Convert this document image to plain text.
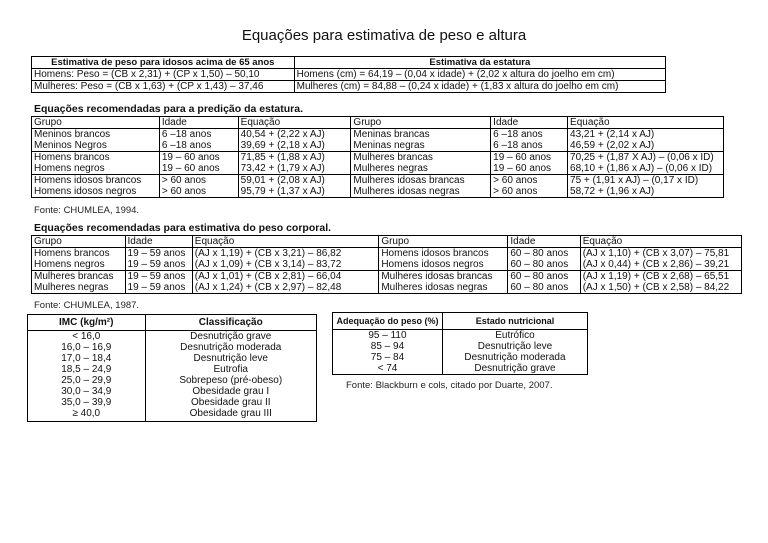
Equações para estimativa de peso e altura
Estimativa de peso para idosos acima de 65 anos	Estimativa da estatura
Homens: Peso = (CB x 2,31) + (CP x 1,50) – 50,10	Homens (cm) = 64,19 – (0,04 x idade) + (2,02 x altura do joelho em cm)
Mulheres: Peso = (CB x 1,63) + (CP x 1,43) – 37,46	Mulheres (cm) = 84,88 – (0,24 x idade) + (1,83 x altura do joelho em cm)
Equações recomendadas para a predição da estatura.
Grupo	Idade	Equação	Grupo	Idade	Equação
Meninos brancos	6 –18 anos	40,54 + (2,22 x AJ)	Meninas brancas	6 –18 anos	43,21 + (2,14 x AJ)
Meninos Negros	6 –18 anos	39,69 + (2,18 x AJ)	Meninas negras	6 –18 anos	46,59 + (2,02 x AJ)
Homens brancos	19 – 60 anos	71,85 + (1,88 x AJ)	Mulheres brancas	19 – 60 anos	70,25 + (1,87 X AJ) – (0,06 x ID)
Homens negros	19 – 60 anos	73,42 + (1,79 x AJ)	Mulheres negras	19 – 60 anos	68,10 + (1,86 x AJ) – (0,06 x ID)
Homens idosos brancos	> 60 anos	59,01 + (2,08 x AJ)	Mulheres idosas brancas	> 60 anos	75 + (1,91 x AJ) – (0,17 x ID)
Homens idosos negros	> 60 anos	95,79 + (1,37 x AJ)	Mulheres idosas negras	> 60 anos	58,72 + (1,96 x AJ)
Fonte: CHUMLEA, 1994.
Equações recomendadas para estimativa do peso corporal.
Grupo	Idade	Equação	Grupo	Idade	Equação
Homens brancos	19 – 59 anos	(AJ x 1,19) + (CB x 3,21) – 86,82	Homens idosos brancos	60 – 80 anos	(AJ x 1,10) + (CB x 3,07) – 75,81
Homens negros	19 – 59 anos	(AJ x 1,09) + (CB x 3,14) – 83,72	Homens idosos negros	60 – 80 anos	(AJ x 0,44) + (CB x 2,86) – 39,21
Mulheres brancas	19 – 59 anos	(AJ x 1,01) + (CB x 2,81) – 66,04	Mulheres idosas brancas	60 – 80 anos	(AJ x 1,19) + (CB x 2,68) – 65,51
Mulheres negras	19 – 59 anos	(AJ x 1,24) + (CB x 2,97) – 82,48	Mulheres idosas negras	60 – 80 anos	(AJ x 1,50) + (CB x 2,58) – 84,22
Fonte: CHUMLEA, 1987.
IMC (kg/m²)	Classificação
< 16,0	Desnutrição grave
16,0 – 16,9	Desnutrição moderada
17,0 – 18,4	Desnutrição leve
18,5 – 24,9	Eutrofia
25,0 – 29,9	Sobrepeso (pré-obeso)
30,0 – 34,9	Obesidade grau I
35,0 – 39,9	Obesidade grau II
≥ 40,0	Obesidade grau III
Adequação do peso (%)	Estado nutricional
95 – 110	Eutrófico
85 – 94	Desnutrição leve
75 – 84	Desnutrição moderada
< 74	Desnutrição grave
Fonte: Blackburn e cols, citado por Duarte, 2007.
